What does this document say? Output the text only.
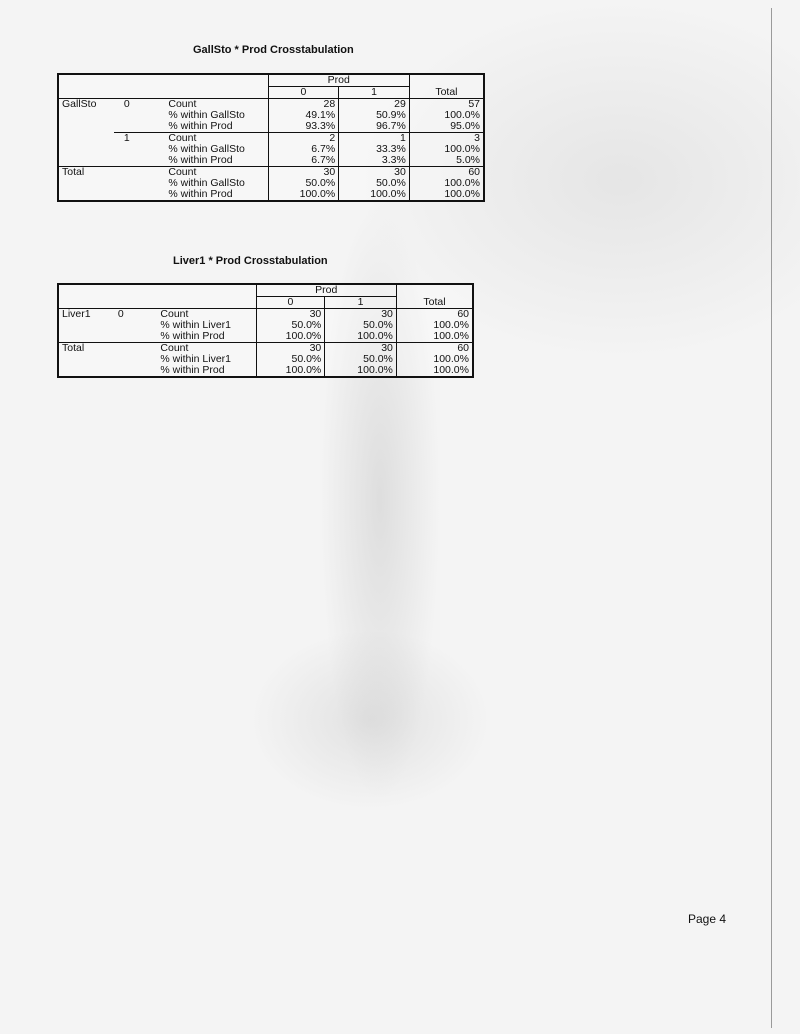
GallSto * Prod Crosstabulation
			Prod		Total
			0	1	
GallSto	0	Count	28	29	57
		% within GallSto	49.1%	50.9%	100.0%
		% within Prod	93.3%	96.7%	95.0%
	1	Count	2	1	3
		% within GallSto	6.7%	33.3%	100.0%
		% within Prod	6.7%	3.3%	5.0%
Total		Count	30	30	60
		% within GallSto	50.0%	50.0%	100.0%
		% within Prod	100.0%	100.0%	100.0%
Liver1 * Prod Crosstabulation
			Prod		Total
			0	1	
Liver1	0	Count	30	30	60
		% within Liver1	50.0%	50.0%	100.0%
		% within Prod	100.0%	100.0%	100.0%
Total		Count	30	30	60
		% within Liver1	50.0%	50.0%	100.0%
		% within Prod	100.0%	100.0%	100.0%
Page 4
